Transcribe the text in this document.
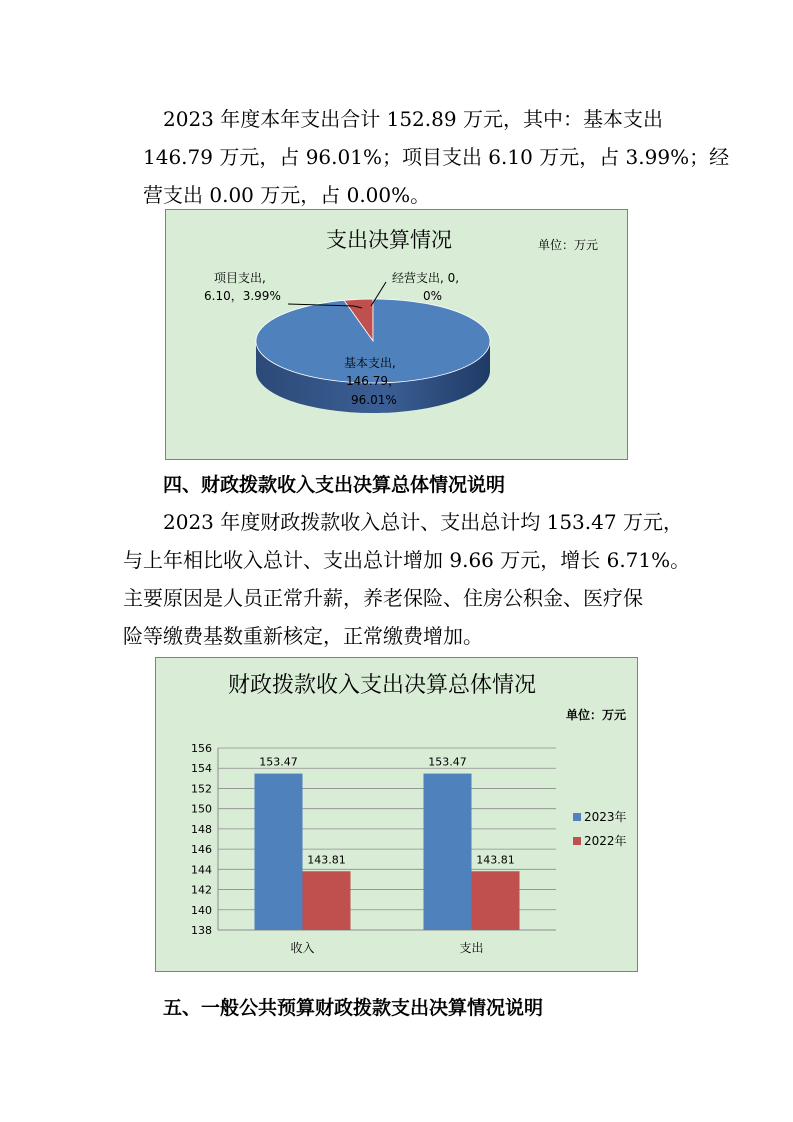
2023 年度本年支出合计 152.89 万元，其中：基本支出
146.79 万元，占 96.01%；项目支出 6.10 万元，占 3.99%；经
营支出 0.00 万元，占 0.00%。

支出决算情况	单位：万元
项目支出,
6.10，3.99%
经营支出, 0,
0%
基本支出,
146.79，
96.01%

四、财政拨款收入支出决算总体情况说明

2023 年度财政拨款收入总计、支出总计均 153.47 万元，
与上年相比收入总计、支出总计增加 9.66 万元，增长 6.71%。
主要原因是人员正常升薪，养老保险、住房公积金、医疗保
险等缴费基数重新核定，正常缴费增加。

财政拨款收入支出决算总体情况
单位：万元
138
140
142
144
146
148
150
152
154
156
153.47
143.81
收入
153.47
143.81
支出
2023年
2022年

五、一般公共预算财政拨款支出决算情况说明
